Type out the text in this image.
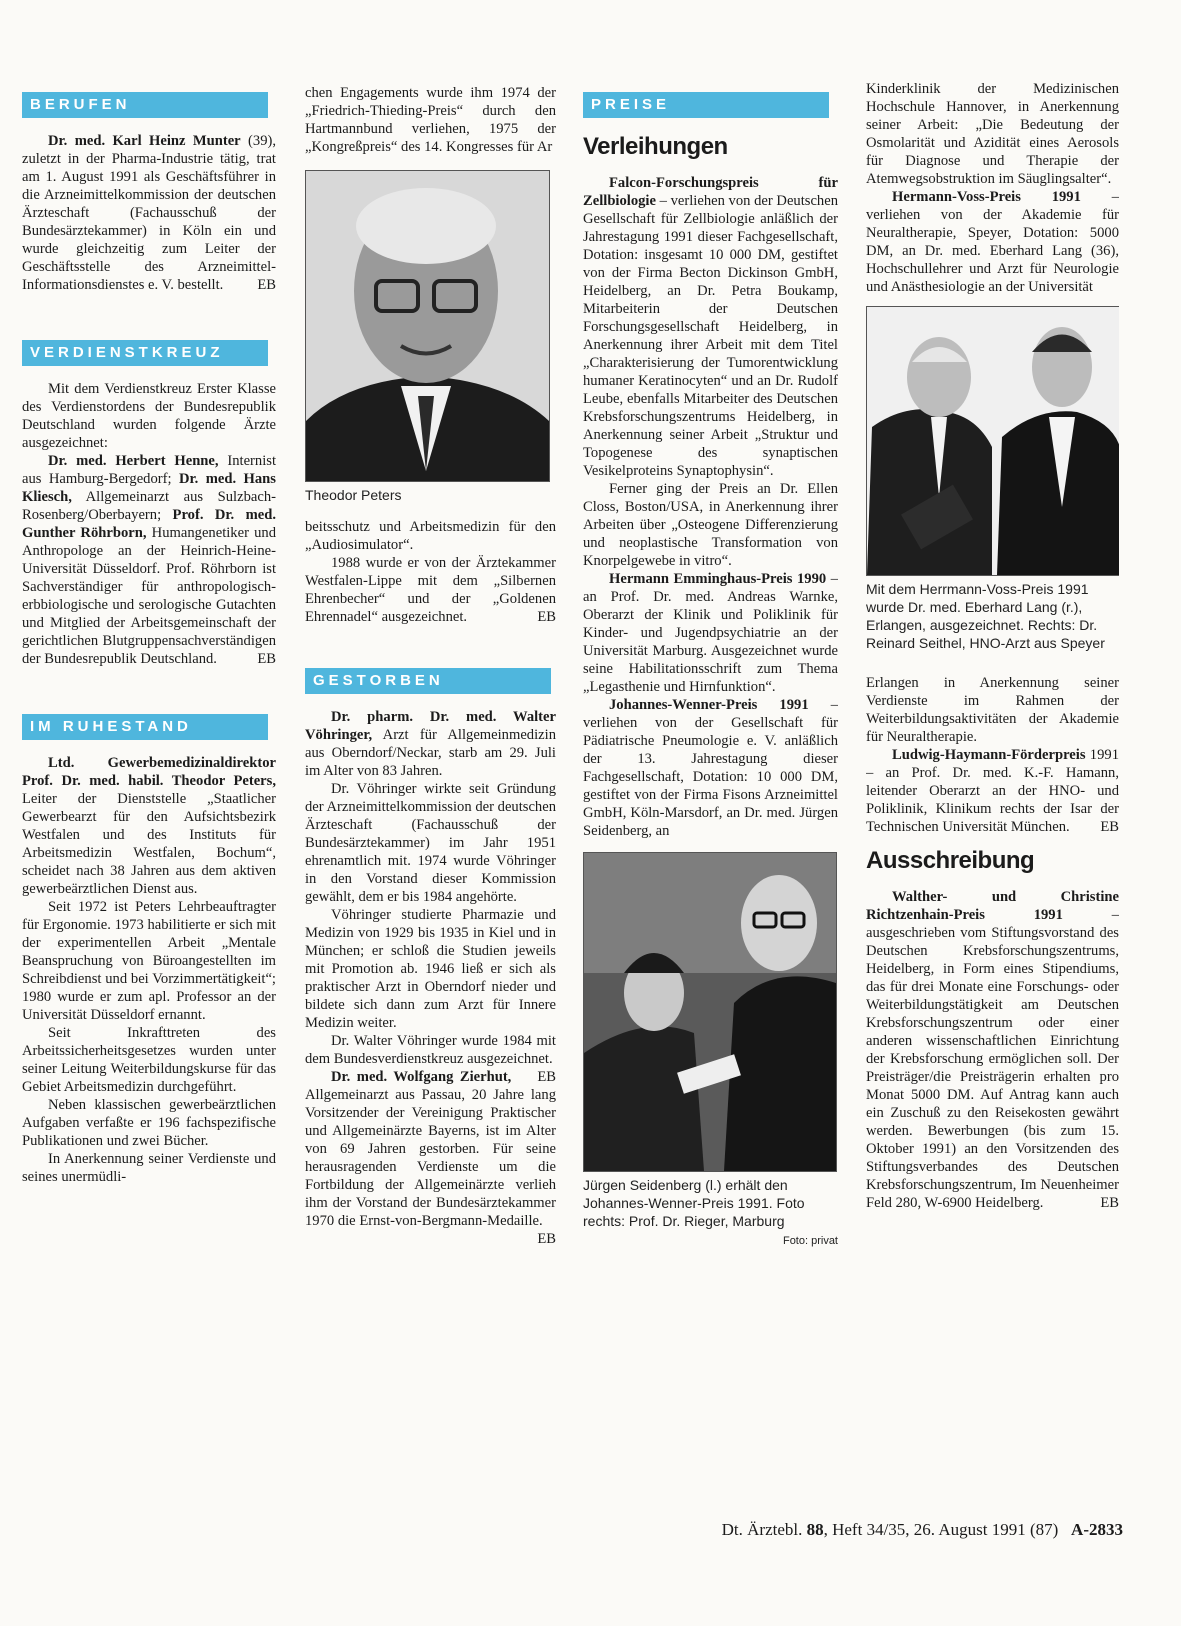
BERUFEN

Dr. med. Karl Heinz Munter (39), zuletzt in der Pharma-Industrie tätig, trat am 1. August 1991 als Geschäftsführer in die Arzneimittelkommission der deutschen Ärzteschaft (Fachausschuß der Bundesärztekammer) in Köln ein und wurde gleichzeitig zum Leiter der Geschäftsstelle des Arzneimittel-Informationsdienstes e. V. bestellt.	EB

VERDIENSTKREUZ

Mit dem Verdienstkreuz Erster Klasse des Verdienstordens der Bundesrepublik Deutschland wurden folgende Ärzte ausgezeichnet:

Dr. med. Herbert Henne, Internist aus Hamburg-Bergedorf; Dr. med. Hans Kliesch, Allgemeinarzt aus Sulzbach-Rosenberg/Oberbayern; Prof. Dr. med. Gunther Röhrborn, Humangenetiker und Anthropologe an der Heinrich-Heine-Universität Düsseldorf. Prof. Röhrborn ist Sachverständiger für anthropologisch-erbbiologische und serologische Gutachten und Mitglied der Arbeitsgemeinschaft der gerichtlichen Blutgruppensachverständigen der Bundesrepublik Deutschland.	EB

IM RUHESTAND

Ltd. Gewerbemedizinaldirektor Prof. Dr. med. habil. Theodor Peters, Leiter der Dienststelle „Staatlicher Gewerbearzt für den Aufsichtsbezirk Westfalen und des Instituts für Arbeitsmedizin Westfalen, Bochum“, scheidet nach 38 Jahren aus dem aktiven gewerbeärztlichen Dienst aus.

Seit 1972 ist Peters Lehrbeauftragter für Ergonomie. 1973 habilitierte er sich mit der experimentellen Arbeit „Mentale Beanspruchung von Büroangestellten im Schreibdienst und bei Vorzimmertätigkeit“; 1980 wurde er zum apl. Professor an der Universität Düsseldorf ernannt.

Seit Inkrafttreten des Arbeitssicherheitsgesetzes wurden unter seiner Leitung Weiterbildungskurse für das Gebiet Arbeitsmedizin durchgeführt.

Neben klassischen gewerbeärztlichen Aufgaben verfaßte er 196 fachspezifische Publikationen und zwei Bücher.

In Anerkennung seiner Verdienste und seines unermüdli-

chen Engagements wurde ihm 1974 der „Friedrich-Thieding-Preis“ durch den Hartmannbund verliehen, 1975 der „Kongreßpreis“ des 14. Kongresses für Ar

Theodor Peters

beitsschutz und Arbeitsmedizin für den „Audiosimulator“.

1988 wurde er von der Ärztekammer Westfalen-Lippe mit dem „Silbernen Ehrenbecher“ und der „Goldenen Ehrennadel“ ausgezeichnet.	EB

GESTORBEN

Dr. pharm. Dr. med. Walter Vöhringer, Arzt für Allgemeinmedizin aus Oberndorf/Neckar, starb am 29. Juli im Alter von 83 Jahren.

Dr. Vöhringer wirkte seit Gründung der Arzneimittelkommission der deutschen Ärzteschaft (Fachausschuß der Bundesärztekammer) im Jahr 1951 ehrenamtlich mit. 1974 wurde Vöhringer in den Vorstand dieser Kommission gewählt, dem er bis 1984 angehörte.

Vöhringer studierte Pharmazie und Medizin von 1929 bis 1935 in Kiel und in München; er schloß die Studien jeweils mit Promotion ab. 1946 ließ er sich als praktischer Arzt in Oberndorf nieder und bildete sich dann zum Arzt für Innere Medizin weiter.

Dr. Walter Vöhringer wurde 1984 mit dem Bundesverdienstkreuz ausgezeichnet.
EB

Dr. med. Wolfgang Zierhut, Allgemeinarzt aus Passau, 20 Jahre lang Vorsitzender der Vereinigung Praktischer und Allgemeinärzte Bayerns, ist im Alter von 69 Jahren gestorben. Für seine herausragenden Verdienste um die Fortbildung der Allgemeinärzte verlieh ihm der Vorstand der Bundesärztekammer 1970 die Ernst-von-Bergmann-Medaille.
EB

PREISE
Verleihungen

Falcon-Forschungspreis für Zellbiologie – verliehen von der Deutschen Gesellschaft für Zellbiologie anläßlich der Jahrestagung 1991 dieser Fachgesellschaft, Dotation: insgesamt 10 000 DM, gestiftet von der Firma Becton Dickinson GmbH, Heidelberg, an Dr. Petra Boukamp, Mitarbeiterin der Deutschen Forschungsgesellschaft Heidelberg, in Anerkennung ihrer Arbeit mit dem Titel „Charakterisierung der Tumorentwicklung humaner Keratinocyten“ und an Dr. Rudolf Leube, ebenfalls Mitarbeiter des Deutschen Krebsforschungszentrums Heidelberg, in Anerkennung seiner Arbeit „Struktur und Topogenese des synaptischen Vesikelproteins Synaptophysin“.

Ferner ging der Preis an Dr. Ellen Closs, Boston/USA, in Anerkennung ihrer Arbeiten über „Osteogene Differenzierung und neoplastische Transformation von Knorpelgewebe in vitro“.

Hermann Emminghaus-Preis 1990 – an Prof. Dr. med. Andreas Warnke, Oberarzt der Klinik und Poliklinik für Kinder- und Jugendpsychiatrie an der Universität Marburg. Ausgezeichnet wurde seine Habilitationsschrift zum Thema „Legasthenie und Hirnfunktion“.

Johannes-Wenner-Preis 1991 – verliehen von der Gesellschaft für Pädiatrische Pneumologie e. V. anläßlich der 13. Jahrestagung dieser Fachgesellschaft, Dotation: 10 000 DM, gestiftet von der Firma Fisons Arzneimittel GmbH, Köln-Marsdorf, an Dr. med. Jürgen Seidenberg, an

Jürgen Seidenberg (l.) erhält den Johannes-Wenner-Preis 1991. Foto rechts: Prof. Dr. Rieger, Marburg
Foto: privat

Kinderklinik der Medizinischen Hochschule Hannover, in Anerkennung seiner Arbeit: „Die Bedeutung der Osmolarität und Azidität eines Aerosols für Diagnose und Therapie der Atemwegsobstruktion im Säuglingsalter“.

Hermann-Voss-Preis 1991 – verliehen von der Akademie für Neuraltherapie, Speyer, Dotation: 5000 DM, an Dr. med. Eberhard Lang (36), Hochschullehrer und Arzt für Neurologie und Anästhesiologie an der Universität

Mit dem Herrmann-Voss-Preis 1991 wurde Dr. med. Eberhard Lang (r.), Erlangen, ausgezeichnet. Rechts: Dr. Reinard Seithel, HNO-Arzt aus Speyer

Erlangen in Anerkennung seiner Verdienste im Rahmen der Weiterbildungsaktivitäten der Akademie für Neuraltherapie.

Ludwig-Haymann-Förderpreis 1991 – an Prof. Dr. med. K.-F. Hamann, leitender Oberarzt an der HNO- und Poliklinik, Klinikum rechts der Isar der Technischen Universität München.	EB

Ausschreibung

Walther- und Christine Richtzenhain-Preis 1991 – ausgeschrieben vom Stiftungsvorstand des Deutschen Krebsforschungszentrums, Heidelberg, in Form eines Stipendiums, das für drei Monate eine Forschungs- oder Weiterbildungstätigkeit am Deutschen Krebsforschungszentrum oder einer anderen wissenschaftlichen Einrichtung der Krebsforschung ermöglichen soll. Der Preisträger/die Preisträgerin erhalten pro Monat 5000 DM. Auf Antrag kann auch ein Zuschuß zu den Reisekosten gewährt werden. Bewerbungen (bis zum 15. Oktober 1991) an den Vorsitzenden des Stiftungsverbandes des Deutschen Krebsforschungszentrum, Im Neuenheimer Feld 280, W-6900 Heidelberg.	EB

Dt. Ärztebl. 88, Heft 34/35, 26. August 1991 (87) A-2833
